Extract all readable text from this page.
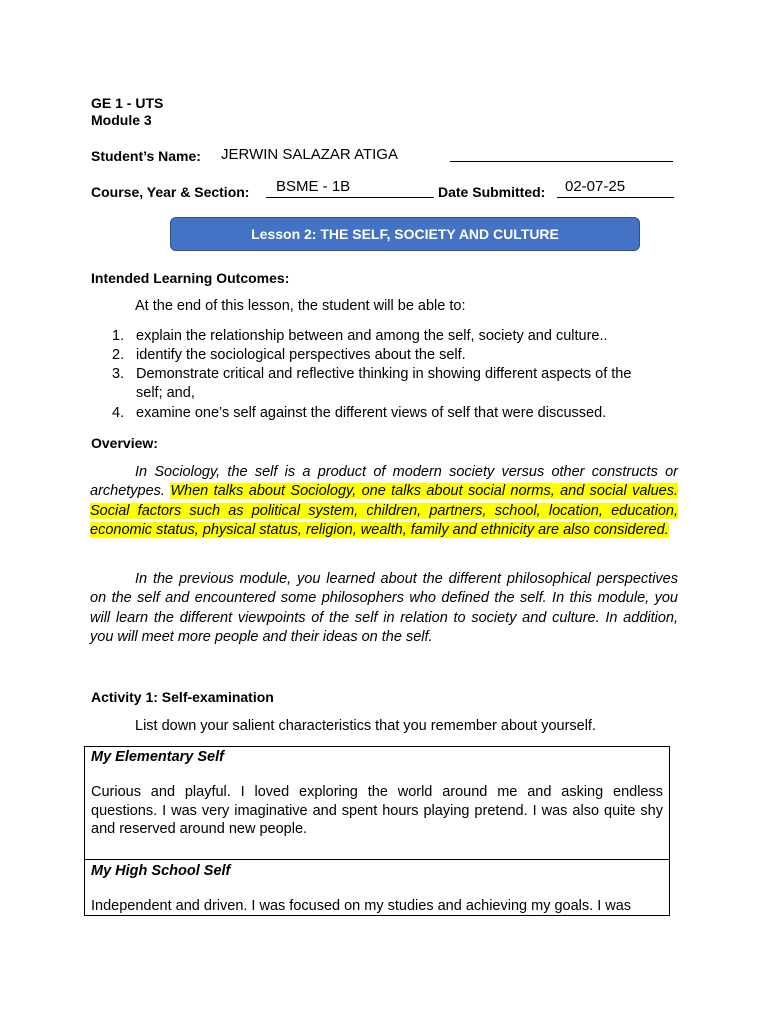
GE 1 - UTS
Module 3
Student’s Name: JERWIN SALAZAR ATIGA
Course, Year & Section: BSME - 1B	Date Submitted: 02-07-25
Lesson 2: THE SELF, SOCIETY AND CULTURE
Intended Learning Outcomes:
At the end of this lesson, the student will be able to:
1. explain the relationship between and among the self, society and culture..
2. identify the sociological perspectives about the self.
3. Demonstrate critical and reflective thinking in showing different aspects of the self; and,
4. examine one’s self against the different views of self that were discussed.
Overview:
In Sociology, the self is a product of modern society versus other constructs or archetypes. When talks about Sociology, one talks about social norms, and social values. Social factors such as political system, children, partners, school, location, education, economic status, physical status, religion, wealth, family and ethnicity are also considered.
In the previous module, you learned about the different philosophical perspectives on the self and encountered some philosophers who defined the self. In this module, you will learn the different viewpoints of the self in relation to society and culture. In addition, you will meet more people and their ideas on the self.
Activity 1: Self-examination
List down your salient characteristics that you remember about yourself.
My Elementary Self
Curious and playful. I loved exploring the world around me and asking endless questions. I was very imaginative and spent hours playing pretend. I was also quite shy and reserved around new people.
My High School Self
Independent and driven. I was focused on my studies and achieving my goals. I was
